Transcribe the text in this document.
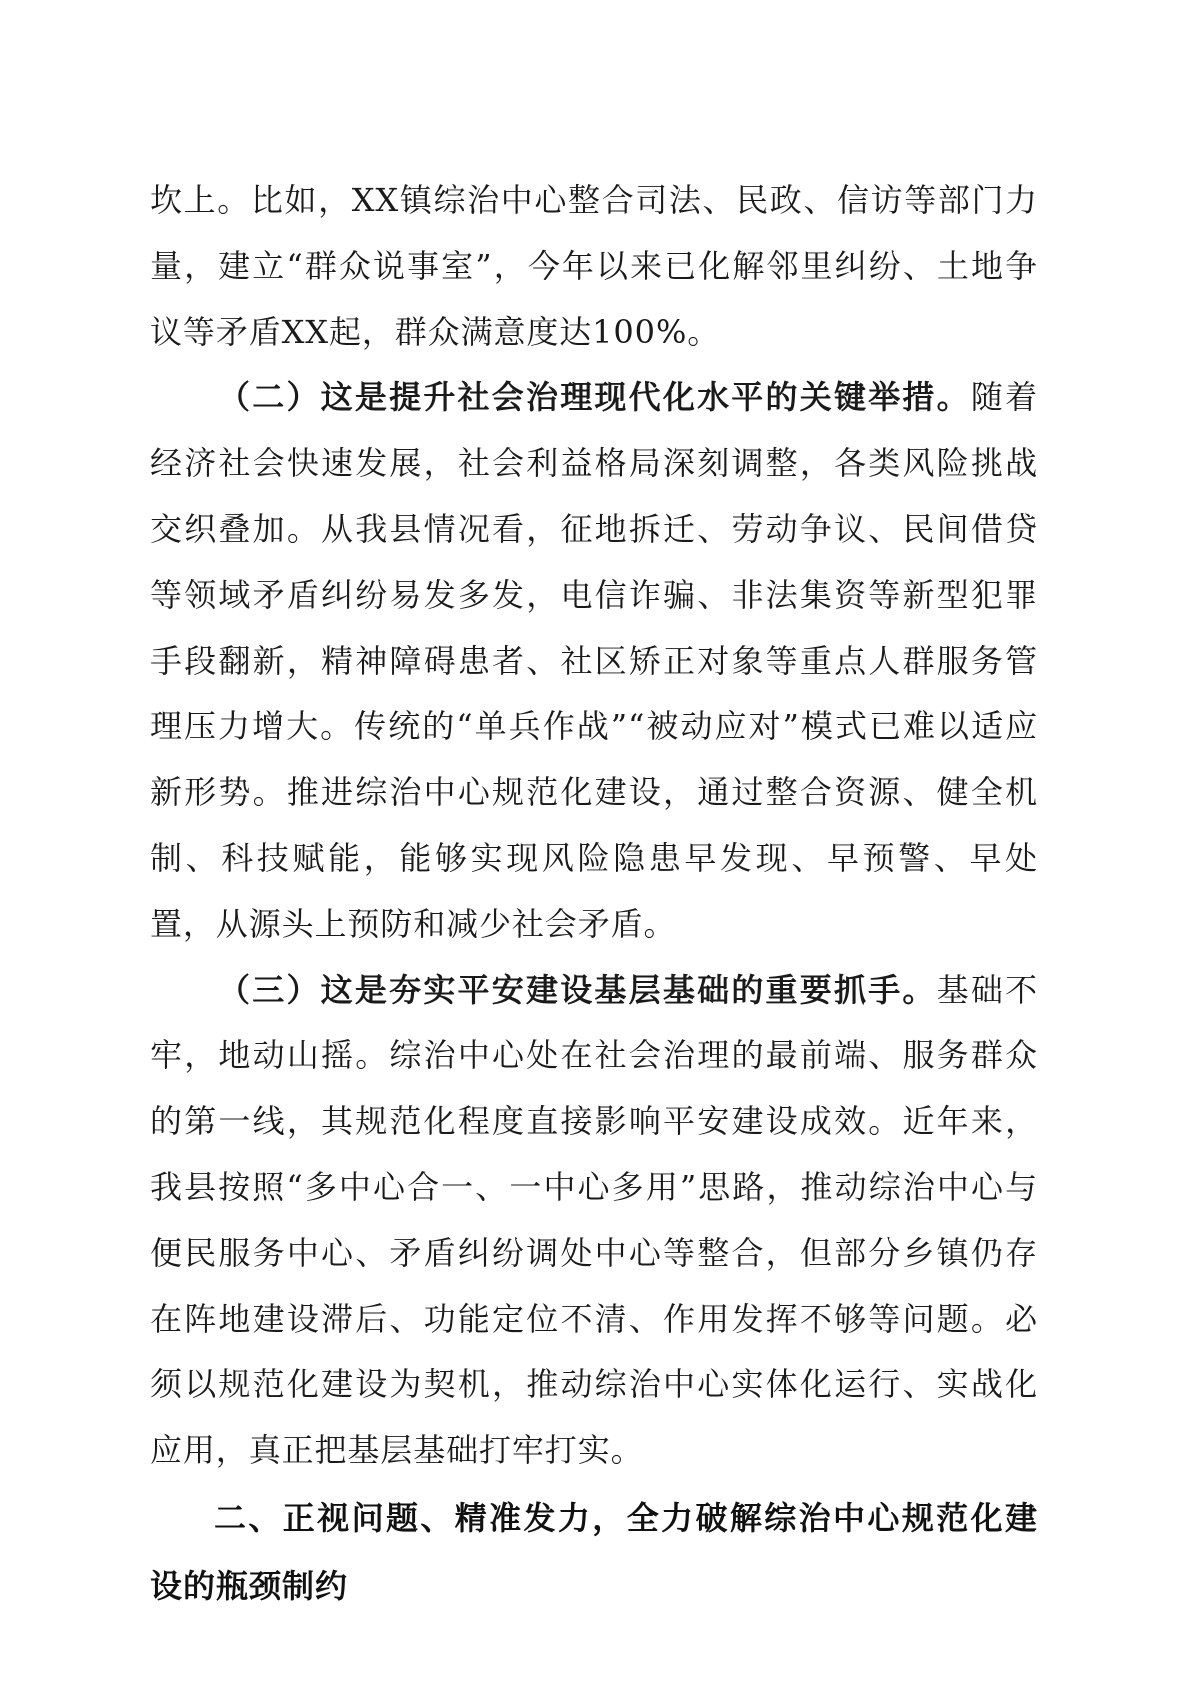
坎上。比如，XX镇综治中心整合司法、民政、信访等部门力量，建立“群众说事室”，今年以来已化解邻里纠纷、土地争议等矛盾XX起，群众满意度达100%。

（二）这是提升社会治理现代化水平的关键举措。随着经济社会快速发展，社会利益格局深刻调整，各类风险挑战交织叠加。从我县情况看，征地拆迁、劳动争议、民间借贷等领域矛盾纠纷易发多发，电信诈骗、非法集资等新型犯罪手段翻新，精神障碍患者、社区矫正对象等重点人群服务管理压力增大。传统的“单兵作战”“被动应对”模式已难以适应新形势。推进综治中心规范化建设，通过整合资源、健全机制、科技赋能，能够实现风险隐患早发现、早预警、早处置，从源头上预防和减少社会矛盾。

（三）这是夯实平安建设基层基础的重要抓手。基础不牢，地动山摇。综治中心处在社会治理的最前端、服务群众的第一线，其规范化程度直接影响平安建设成效。近年来，我县按照“多中心合一、一中心多用”思路，推动综治中心与便民服务中心、矛盾纠纷调处中心等整合，但部分乡镇仍存在阵地建设滞后、功能定位不清、作用发挥不够等问题。必须以规范化建设为契机，推动综治中心实体化运行、实战化应用，真正把基层基础打牢打实。

二、正视问题、精准发力，全力破解综治中心规范化建设的瓶颈制约
